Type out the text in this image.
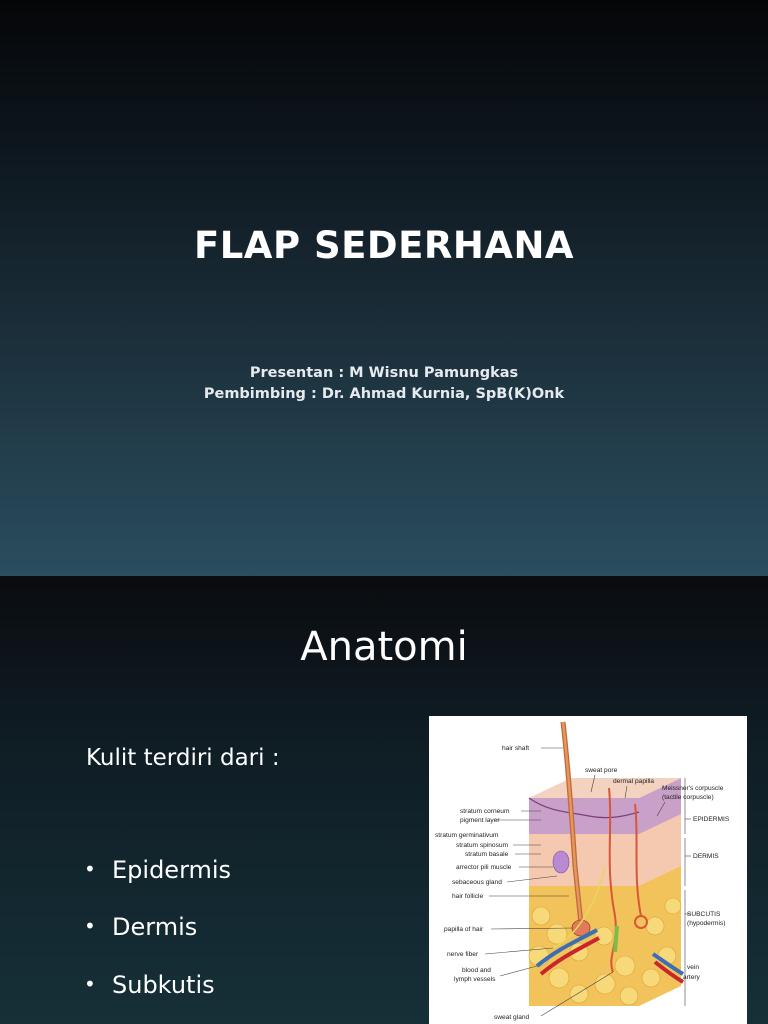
FLAP SEDERHANA
Presentan : M Wisnu Pamungkas
Pembimbing : Dr. Ahmad Kurnia, SpB(K)Onk
Anatomi
Kulit terdiri dari :
• Epidermis
• Dermis
• Subkutis
hair shaft
stratum corneum
pigment layer
stratum germinativum
stratum spinosum
stratum basale
arrector pili muscle
sebaceous gland
hair follicle
papilla of hair
nerve fiber
blood and
lymph vessels
sweat gland
sweat pore
dermal papilla
Meissner's corpuscle
(tactile corpuscle)
EPIDERMIS
DERMIS
SUBCUTIS
(hypodermis)
vein
artery
